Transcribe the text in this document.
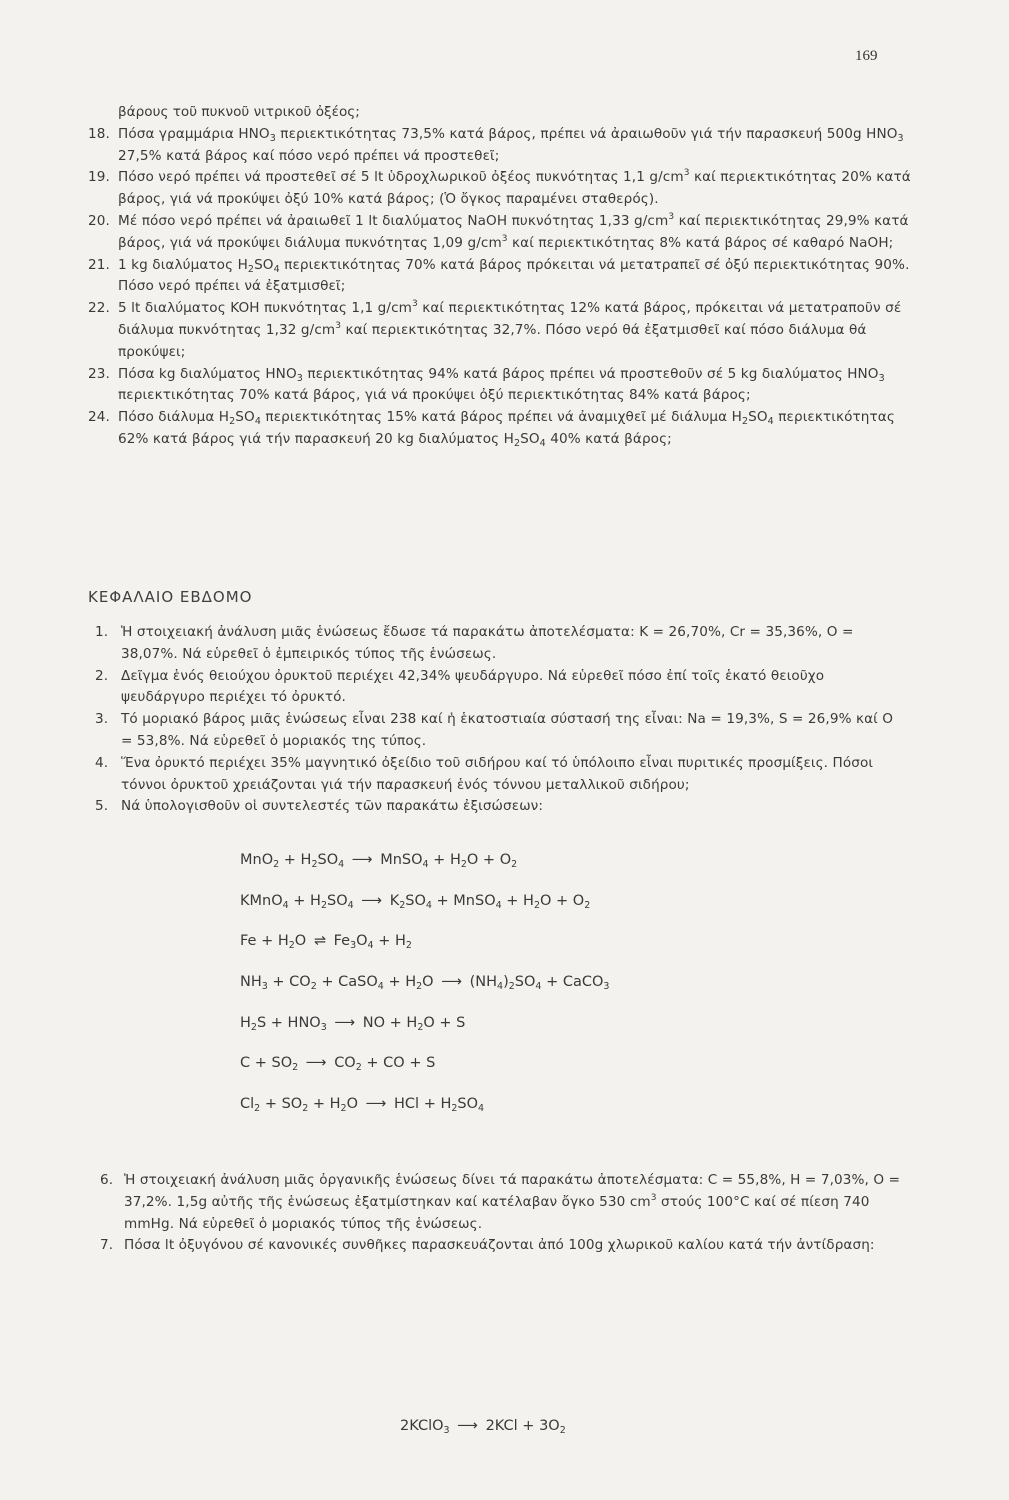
169
βάρους τοῦ πυκνοῦ νιτρικοῦ ὀξέος;
18. Πόσα γραμμάρια $HNO_3$ περιεκτικότητας 73,5% κατά βάρος, πρέπει νά ἀραιωθοῦν γιά τήν παρασκευή 500g $HNO_3$ 27,5% κατά βάρος καί πόσο νερό πρέπει νά προστεθεῖ;
19. Πόσο νερό πρέπει νά προστεθεῖ σέ 5 lt ὑδροχλωρικοῦ ὀξέος πυκνότητας 1,1 $g/cm^3$ καί περιεκτικότητας 20% κατά βάρος, γιά νά προκύψει ὀξύ 10% κατά βάρος; (Ὁ ὄγκος παραμένει σταθερός).
20. Μέ πόσο νερό πρέπει νά ἀραιωθεῖ 1 lt διαλύματος NaOH πυκνότητας 1,33 $g/cm^3$ καί περιεκτικότητας 29,9% κατά βάρος, γιά νά προκύψει διάλυμα πυκνότητας 1,09 $g/cm^3$ καί περιεκτικότητας 8% κατά βάρος σέ καθαρό NaOH;
21. 1 kg διαλύματος $H_2SO_4$ περιεκτικότητας 70% κατά βάρος πρόκειται νά μετατραπεῖ σέ ὀξύ περιεκτικότητας 90%. Πόσο νερό πρέπει νά ἐξατμισθεῖ;
22. 5 lt διαλύματος KOH πυκνότητας 1,1 $g/cm^3$ καί περιεκτικότητας 12% κατά βάρος, πρόκειται νά μετατραποῦν σέ διάλυμα πυκνότητας 1,32 $g/cm^3$ καί περιεκτικότητας 32,7%. Πόσο νερό θά ἐξατμισθεῖ καί πόσο διάλυμα θά προκύψει;
23. Πόσα kg διαλύματος $HNO_3$ περιεκτικότητας 94% κατά βάρος πρέπει νά προστεθοῦν σέ 5 kg διαλύματος $HNO_3$ περιεκτικότητας 70% κατά βάρος, γιά νά προκύψει ὀξύ περιεκτικότητας 84% κατά βάρος;
24. Πόσο διάλυμα $H_2SO_4$ περιεκτικότητας 15% κατά βάρος πρέπει νά ἀναμιχθεῖ μέ διάλυμα $H_2SO_4$ περιεκτικότητας 62% κατά βάρος γιά τήν παρασκευή 20 kg διαλύματος $H_2SO_4$ 40% κατά βάρος;
ΚΕΦΑΛΑΙΟ ΕΒΔΟΜΟ
1. Ἡ στοιχειακή ἀνάλυση μιᾶς ἑνώσεως ἔδωσε τά παρακάτω ἀποτελέσματα: K = 26,70%, Cr = 35,36%, O = 38,07%. Νά εὑρεθεῖ ὁ ἐμπειρικός τύπος τῆς ἑνώσεως.
2. Δεῖγμα ἑνός θειούχου ὀρυκτοῦ περιέχει 42,34% ψευδάργυρο. Νά εὑρεθεῖ πόσο ἐπί τοῖς ἑκατό θειοῦχο ψευδάργυρο περιέχει τό ὀρυκτό.
3. Τό μοριακό βάρος μιᾶς ἑνώσεως εἶναι 238 καί ἡ ἑκατοστιαία σύστασή της εἶναι: Na = 19,3%, S = 26,9% καί O = 53,8%. Νά εὑρεθεῖ ὁ μοριακός της τύπος.
4. Ἕνα ὀρυκτό περιέχει 35% μαγνητικό ὀξείδιο τοῦ σιδήρου καί τό ὑπόλοιπο εἶναι πυριτικές προσμίξεις. Πόσοι τόννοι ὀρυκτοῦ χρειάζονται γιά τήν παρασκευή ἑνός τόννου μεταλλικοῦ σιδήρου;
5. Νά ὑπολογισθοῦν οἱ συντελεστές τῶν παρακάτω ἐξισώσεων:
$MnO_2 + H_2SO_4$ ⟶ MnSO$_4$ + $H_2O + O_2$
KMnO$_4$ + $H_2SO_4$ ⟶ $K_2SO_4$ + MnSO$_4$ + $H_2O + O_2$
$Fe + H_2O$ ⇌ $Fe_3O_4 + H_2$
$NH_3 + CO_2$ + CaSO$_4$ + $H_2O$ ⟶ $(NH_4)_2SO_4$ + CaCO$_3$
$H_2S + HNO_3$ ⟶ NO + $H_2O + S$
$C + SO_2$ ⟶ $CO_2$ + CO + S
$Cl_2 + SO_2 + H_2O$ ⟶ HCl + $H_2SO_4$
6. Ἡ στοιχειακή ἀνάλυση μιᾶς ὀργανικῆς ἑνώσεως δίνει τά παρακάτω ἀποτελέσματα: C = 55,8%, H = 7,03%, O = 37,2%. 1,5g αὐτῆς τῆς ἑνώσεως ἐξατμίστηκαν καί κατέλαβαν ὄγκο 530 $cm^3$ στούς 100°C καί σέ πίεση 740 mmHg. Νά εὑρεθεῖ ὁ μοριακός τύπος τῆς ἑνώσεως.
7. Πόσα lt ὀξυγόνου σέ κανονικές συνθῆκες παρασκευάζονται ἀπό 100g χλωρικοῦ καλίου κατά τήν ἀντίδραση:
2KClO$_3$ ⟶ $2KCl + 3O_2$
